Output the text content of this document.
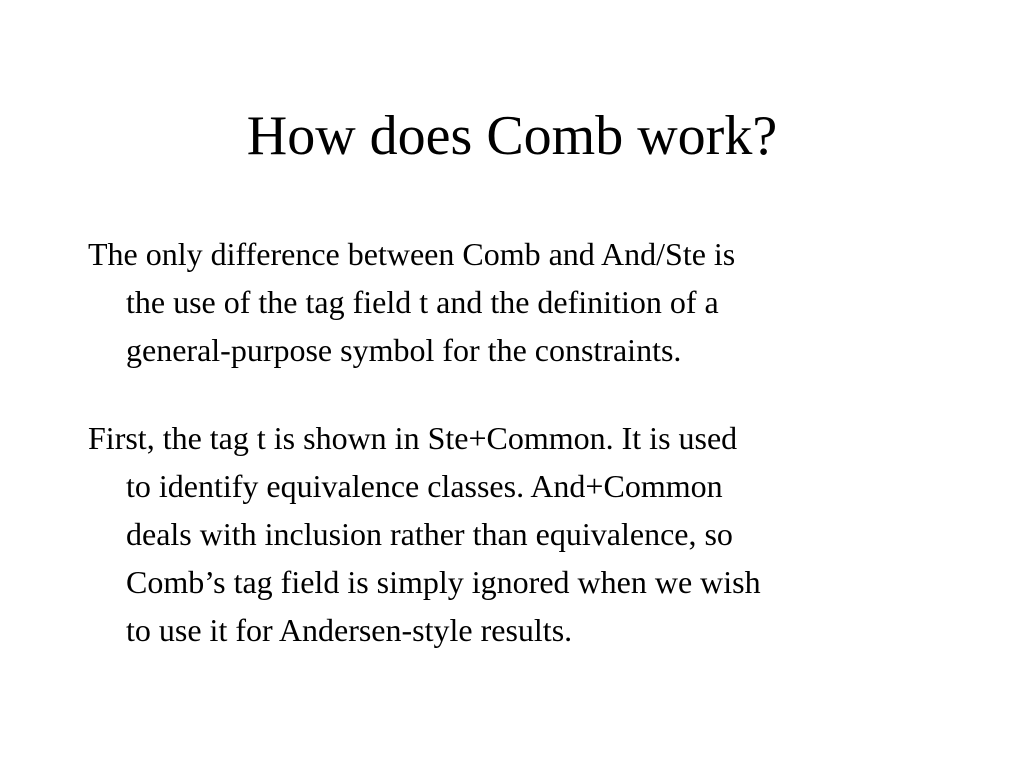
How does Comb work?
The only difference between Comb and And/Ste is
the use of the tag field t and the definition of a
general-purpose symbol for the constraints.
First, the tag t is shown in Ste+Common. It is used
to identify equivalence classes. And+Common
deals with inclusion rather than equivalence, so
Comb’s tag field is simply ignored when we wish
to use it for Andersen-style results.
